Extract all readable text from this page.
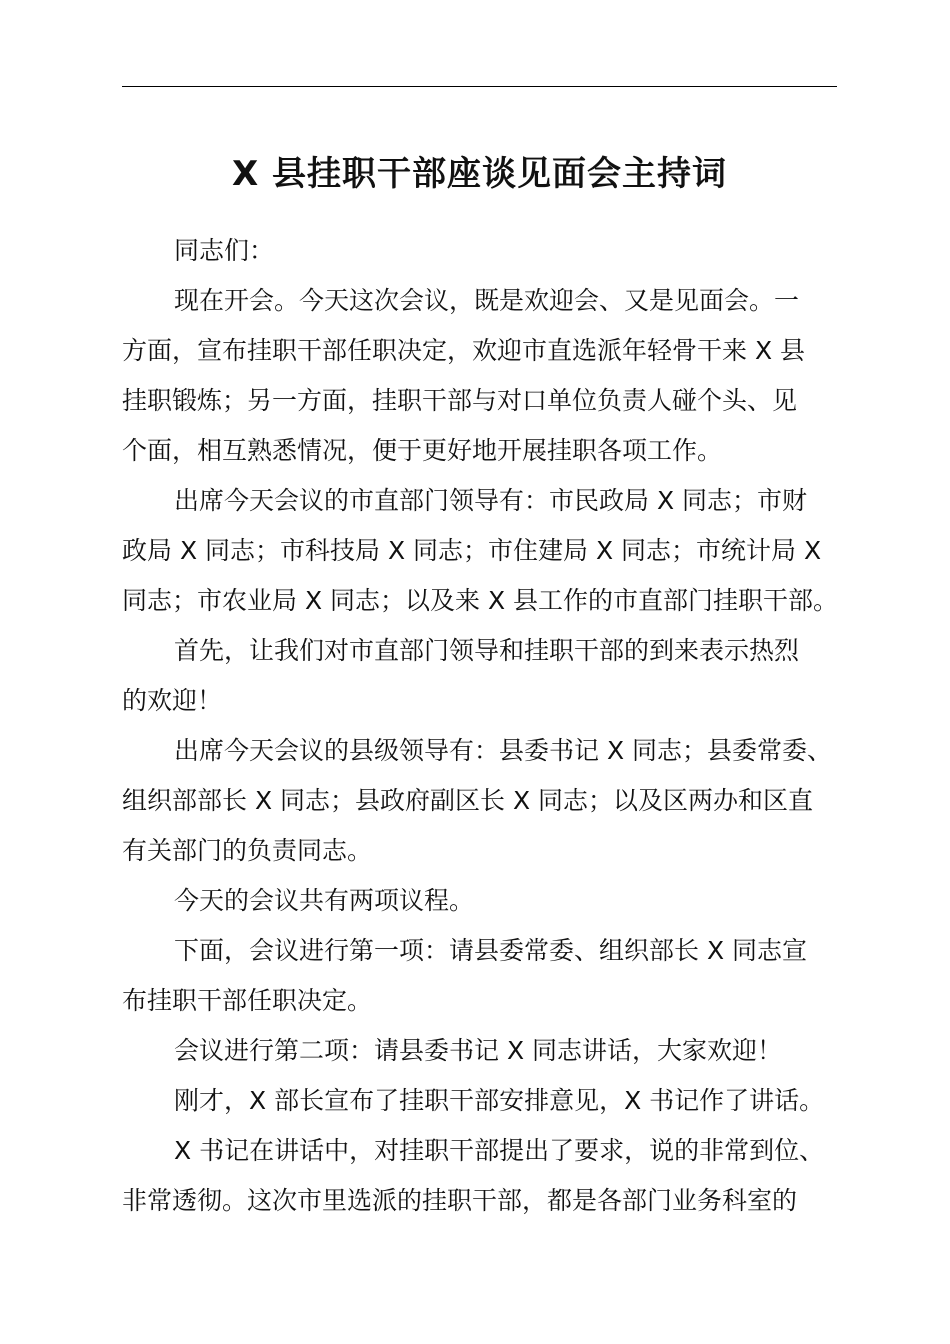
X 县挂职干部座谈见面会主持词
同志们：
现在开会。今天这次会议，既是欢迎会、又是见面会。一
方面，宣布挂职干部任职决定，欢迎市直选派年轻骨干来 X 县
挂职锻炼；另一方面，挂职干部与对口单位负责人碰个头、见
个面，相互熟悉情况，便于更好地开展挂职各项工作。
出席今天会议的市直部门领导有：市民政局 X 同志；市财
政局 X 同志；市科技局 X 同志；市住建局 X 同志；市统计局 X
同志；市农业局 X 同志；以及来 X 县工作的市直部门挂职干部。
首先，让我们对市直部门领导和挂职干部的到来表示热烈
的欢迎！
出席今天会议的县级领导有：县委书记 X 同志；县委常委、
组织部部长 X 同志；县政府副区长 X 同志；以及区两办和区直
有关部门的负责同志。
今天的会议共有两项议程。
下面，会议进行第一项：请县委常委、组织部长 X 同志宣
布挂职干部任职决定。
会议进行第二项：请县委书记 X 同志讲话，大家欢迎！
刚才，X 部长宣布了挂职干部安排意见，X 书记作了讲话。
X 书记在讲话中，对挂职干部提出了要求，说的非常到位、
非常透彻。这次市里选派的挂职干部，都是各部门业务科室的
